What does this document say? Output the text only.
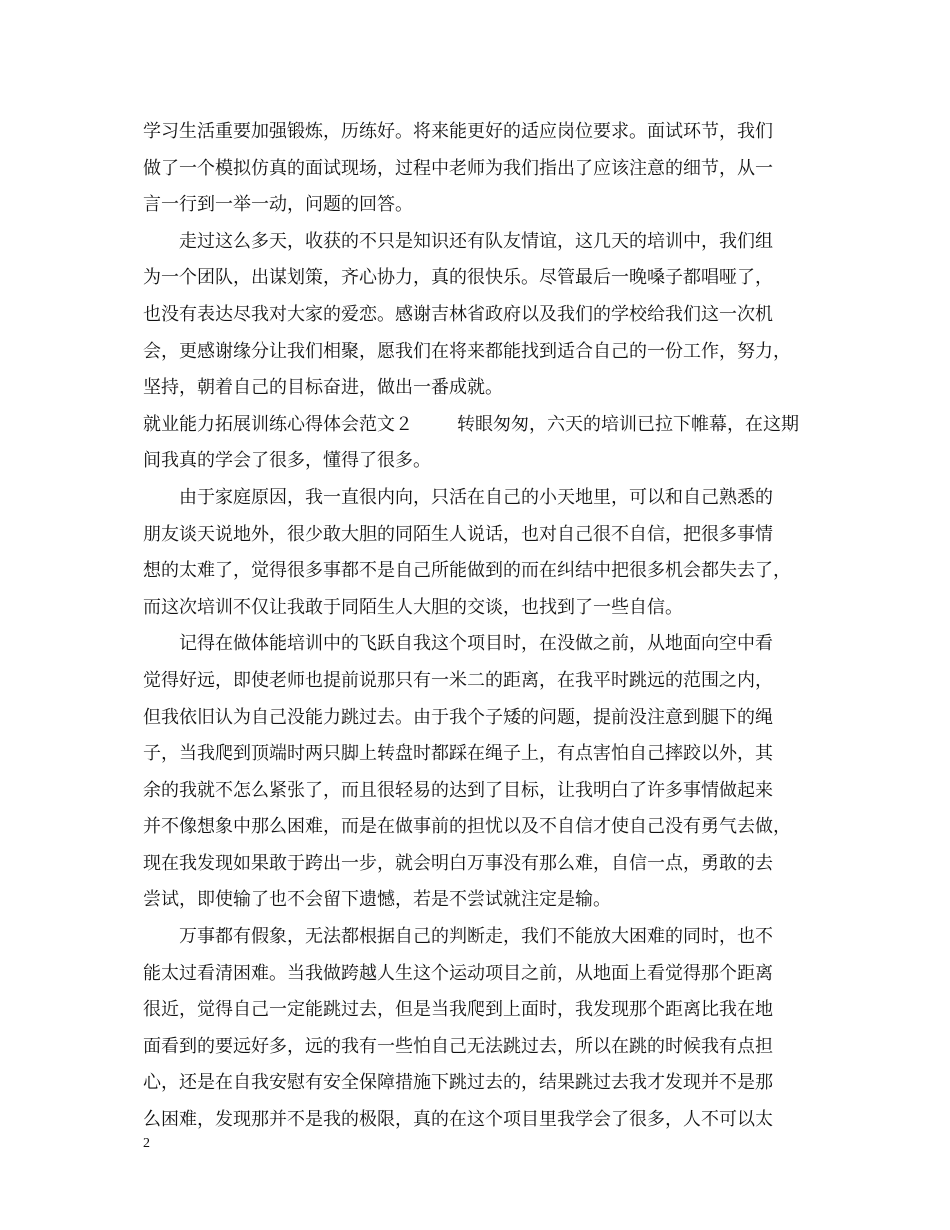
学习生活重要加强锻炼，历练好。将来能更好的适应岗位要求。面试环节，我们
做了一个模拟仿真的面试现场，过程中老师为我们指出了应该注意的细节，从一
言一行到一举一动，问题的回答。
走过这么多天，收获的不只是知识还有队友情谊，这几天的培训中，我们组
为一个团队，出谋划策，齐心协力，真的很快乐。尽管最后一晚嗓子都唱哑了，
也没有表达尽我对大家的爱恋。感谢吉林省政府以及我们的学校给我们这一次机
会，更感谢缘分让我们相聚，愿我们在将来都能找到适合自己的一份工作，努力，
坚持，朝着自己的目标奋进，做出一番成就。
就业能力拓展训练心得体会范文２ 转眼匆匆，六天的培训已拉下帷幕，在这期
间我真的学会了很多，懂得了很多。
由于家庭原因，我一直很内向，只活在自己的小天地里，可以和自己熟悉的
朋友谈天说地外，很少敢大胆的同陌生人说话，也对自己很不自信，把很多事情
想的太难了，觉得很多事都不是自己所能做到的而在纠结中把很多机会都失去了，
而这次培训不仅让我敢于同陌生人大胆的交谈，也找到了一些自信。
记得在做体能培训中的飞跃自我这个项目时，在没做之前，从地面向空中看
觉得好远，即使老师也提前说那只有一米二的距离，在我平时跳远的范围之内，
但我依旧认为自己没能力跳过去。由于我个子矮的问题，提前没注意到腿下的绳
子，当我爬到顶端时两只脚上转盘时都踩在绳子上，有点害怕自己摔跤以外，其
余的我就不怎么紧张了，而且很轻易的达到了目标，让我明白了许多事情做起来
并不像想象中那么困难，而是在做事前的担忧以及不自信才使自己没有勇气去做，
现在我发现如果敢于跨出一步，就会明白万事没有那么难，自信一点，勇敢的去
尝试，即使输了也不会留下遗憾，若是不尝试就注定是输。
万事都有假象，无法都根据自己的判断走，我们不能放大困难的同时，也不
能太过看清困难。当我做跨越人生这个运动项目之前，从地面上看觉得那个距离
很近，觉得自己一定能跳过去，但是当我爬到上面时，我发现那个距离比我在地
面看到的要远好多，远的我有一些怕自己无法跳过去，所以在跳的时候我有点担
心，还是在自我安慰有安全保障措施下跳过去的，结果跳过去我才发现并不是那
么困难，发现那并不是我的极限，真的在这个项目里我学会了很多，人不可以太
2
